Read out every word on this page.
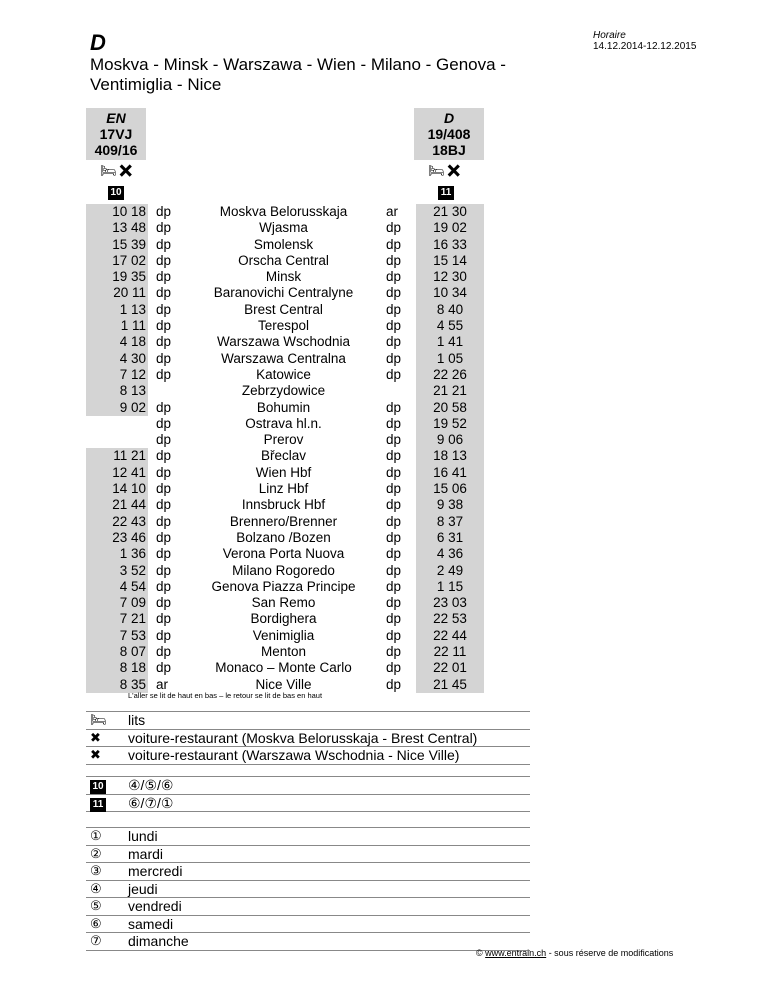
D
Moskva - Minsk - Warszawa - Wien - Milano - Genova - Ventimiglia - Nice
Horaire
14.12.2014-12.12.2015
EN
17VJ
409/16
D
19/408
18BJ
🛏✖	🛏✖
10	11
10 18 dp	Moskva Belorusskaja	ar	21 30
13 48 dp	Wjasma	dp	19 02
15 39 dp	Smolensk	dp	16 33
17 02 dp	Orscha Central	dp	15 14
19 35 dp	Minsk	dp	12 30
20 11 dp	Baranovichi Centralyne	dp	10 34
1 13 dp	Brest Central	dp	8 40
1 11 dp	Terespol	dp	4 55
4 18 dp	Warszawa Wschodnia	dp	1 41
4 30 dp	Warszawa Centralna	dp	1 05
7 12 dp	Katowice	dp	22 26
8 13	Zebrzydowice	21 21
9 02 dp	Bohumin	dp	20 58
dp	Ostrava hl.n.	dp	19 52
dp	Prerov	dp	9 06
11 21 dp	Břeclav	dp	18 13
12 41 dp	Wien Hbf	dp	16 41
14 10 dp	Linz Hbf	dp	15 06
21 44 dp	Innsbruck Hbf	dp	9 38
22 43 dp	Brennero/Brenner	dp	8 37
23 46 dp	Bolzano /Bozen	dp	6 31
1 36 dp	Verona Porta Nuova	dp	4 36
3 52 dp	Milano Rogoredo	dp	2 49
4 54 dp	Genova Piazza Principe	dp	1 15
7 09 dp	San Remo	dp	23 03
7 21 dp	Bordighera	dp	22 53
7 53 dp	Venimiglia	dp	22 44
8 07 dp	Menton	dp	22 11
8 18 dp	Monaco – Monte Carlo	dp	22 01
8 35 ar	Nice Ville	dp	21 45
L'aller se lit de haut en bas – le retour se lit de bas en haut
🛏 lits
✖ voiture-restaurant (Moskva Belorusskaja - Brest Central)
✖ voiture-restaurant (Warszawa Wschodnia - Nice Ville)
10 ④/⑤/⑥
11 ⑥/⑦/①
① lundi
② mardi
③ mercredi
④ jeudi
⑤ vendredi
⑥ samedi
⑦ dimanche
© www.entrain.ch - sous réserve de modifications
